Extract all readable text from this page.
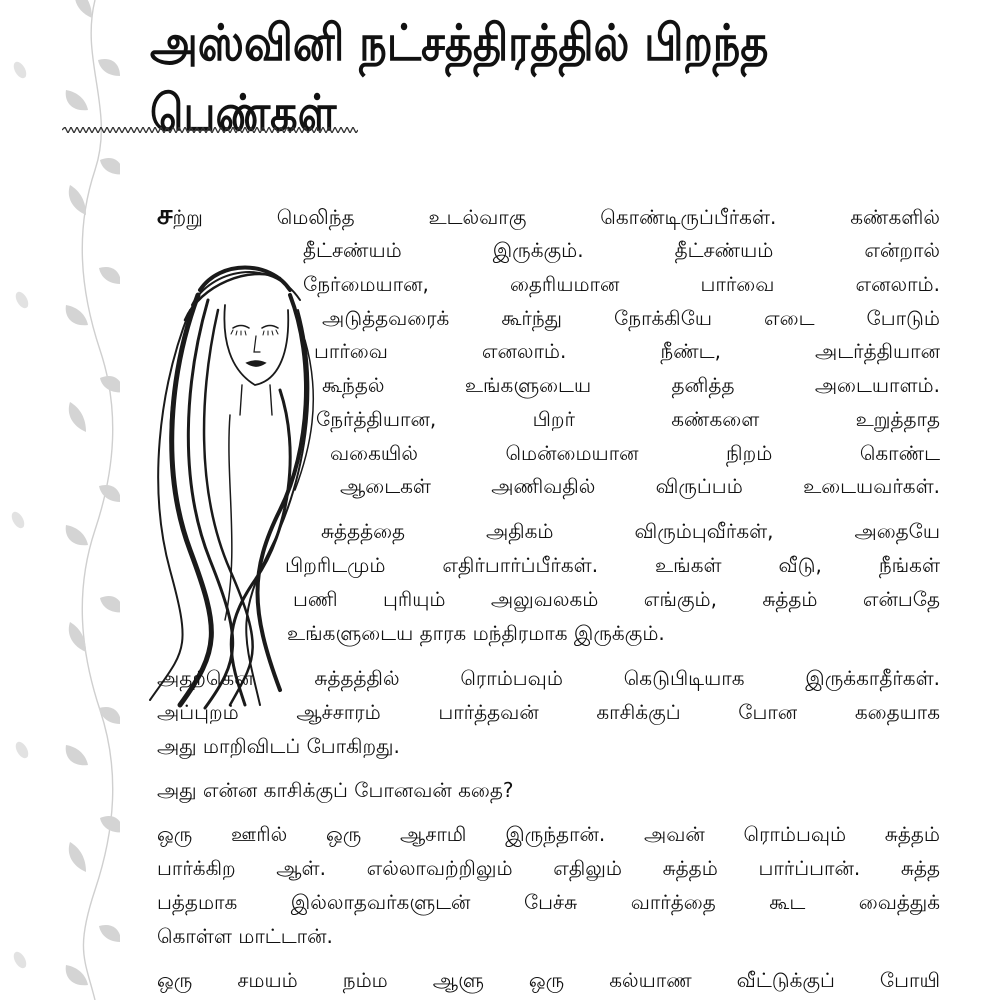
அஸ்வினி நட்சத்திரத்தில் பிறந்த
பெண்கள்

சற்று மெலிந்த உடல்வாகு கொண்டிருப்பீர்கள். கண்களில்

தீட்சண்யம் இருக்கும். தீட்சண்யம் என்றால்

நேர்மையான, தைரியமான பார்வை எனலாம்.

அடுத்தவரைக் கூர்ந்து நோக்கியே எடை போடும்

பார்வை எனலாம். நீண்ட, அடர்த்தியான

கூந்தல் உங்களுடைய தனித்த அடையாளம்.

நேர்த்தியான, பிறர் கண்களை உறுத்தாத

வகையில் மென்மையான நிறம் கொண்ட

ஆடைகள் அணிவதில் விருப்பம் உடையவர்கள்.

சுத்தத்தை அதிகம் விரும்புவீர்கள், அதையே

பிறரிடமும் எதிர்பார்ப்பீர்கள். உங்கள் வீடு, நீங்கள்

பணி புரியும் அலுவலகம் எங்கும், சுத்தம் என்பதே

உங்களுடைய தாரக மந்திரமாக இருக்கும்.

அதற்கென சுத்தத்தில் ரொம்பவும் கெடுபிடியாக இருக்காதீர்கள்.

அப்புறம் ஆச்சாரம் பார்த்தவன் காசிக்குப் போன கதையாக

அது மாறிவிடப் போகிறது.

அது என்ன காசிக்குப் போனவன் கதை?

ஒரு ஊரில் ஒரு ஆசாமி இருந்தான். அவன் ரொம்பவும் சுத்தம்

பார்க்கிற ஆள். எல்லாவற்றிலும் எதிலும் சுத்தம் பார்ப்பான். சுத்த

பத்தமாக இல்லாதவர்களுடன் பேச்சு வார்த்தை கூட வைத்துக்

கொள்ள மாட்டான்.

ஒரு சமயம் நம்ம ஆளு ஒரு கல்யாண வீட்டுக்குப் போயி
